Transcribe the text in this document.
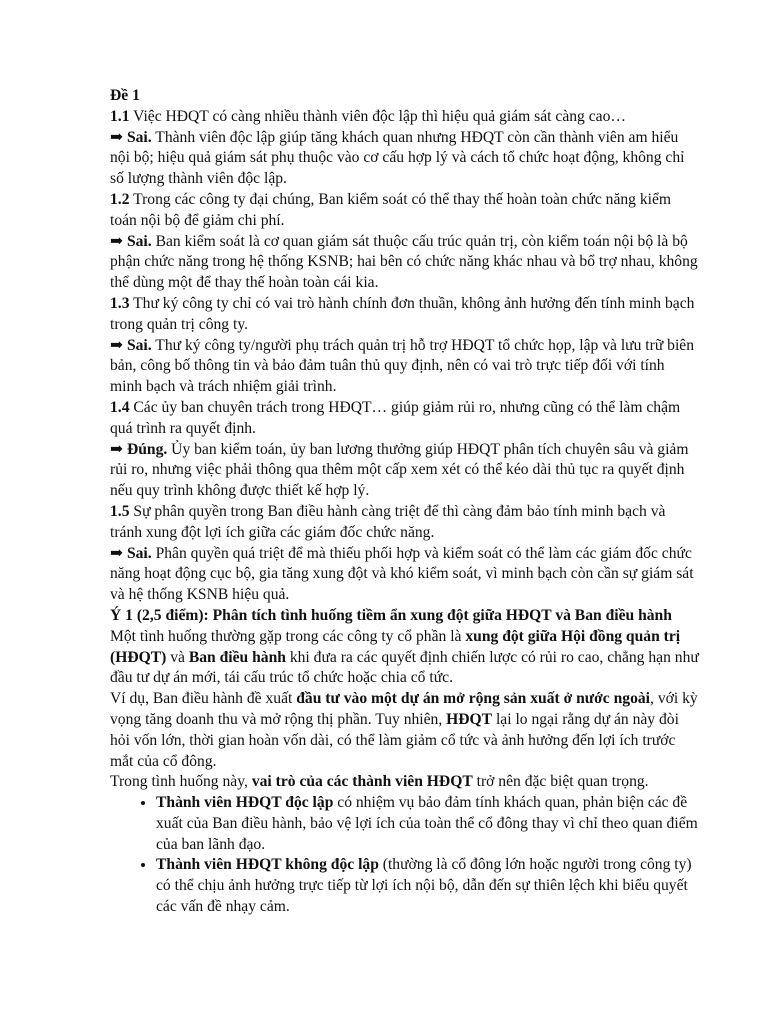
Đề 1

1.1 Việc HĐQT có càng nhiều thành viên độc lập thì hiệu quả giám sát càng cao…

➡ Sai. Thành viên độc lập giúp tăng khách quan nhưng HĐQT còn cần thành viên am hiểu nội bộ; hiệu quả giám sát phụ thuộc vào cơ cấu hợp lý và cách tổ chức hoạt động, không chỉ số lượng thành viên độc lập.

1.2 Trong các công ty đại chúng, Ban kiểm soát có thể thay thế hoàn toàn chức năng kiểm toán nội bộ để giảm chi phí.

➡ Sai. Ban kiểm soát là cơ quan giám sát thuộc cấu trúc quản trị, còn kiểm toán nội bộ là bộ phận chức năng trong hệ thống KSNB; hai bên có chức năng khác nhau và bổ trợ nhau, không thể dùng một để thay thế hoàn toàn cái kia.

1.3 Thư ký công ty chỉ có vai trò hành chính đơn thuần, không ảnh hưởng đến tính minh bạch trong quản trị công ty.

➡ Sai. Thư ký công ty/người phụ trách quản trị hỗ trợ HĐQT tổ chức họp, lập và lưu trữ biên bản, công bố thông tin và bảo đảm tuân thủ quy định, nên có vai trò trực tiếp đối với tính minh bạch và trách nhiệm giải trình.

1.4 Các ủy ban chuyên trách trong HĐQT… giúp giảm rủi ro, nhưng cũng có thể làm chậm quá trình ra quyết định.

➡ Đúng. Ủy ban kiểm toán, ủy ban lương thưởng giúp HĐQT phân tích chuyên sâu và giảm rủi ro, nhưng việc phải thông qua thêm một cấp xem xét có thể kéo dài thủ tục ra quyết định nếu quy trình không được thiết kế hợp lý.

1.5 Sự phân quyền trong Ban điều hành càng triệt để thì càng đảm bảo tính minh bạch và tránh xung đột lợi ích giữa các giám đốc chức năng.

➡ Sai. Phân quyền quá triệt để mà thiếu phối hợp và kiểm soát có thể làm các giám đốc chức năng hoạt động cục bộ, gia tăng xung đột và khó kiểm soát, vì minh bạch còn cần sự giám sát và hệ thống KSNB hiệu quả.

Ý 1 (2,5 điểm): Phân tích tình huống tiềm ẩn xung đột giữa HĐQT và Ban điều hành

Một tình huống thường gặp trong các công ty cổ phần là xung đột giữa Hội đồng quản trị (HĐQT) và Ban điều hành khi đưa ra các quyết định chiến lược có rủi ro cao, chẳng hạn như đầu tư dự án mới, tái cấu trúc tổ chức hoặc chia cổ tức.

Ví dụ, Ban điều hành đề xuất đầu tư vào một dự án mở rộng sản xuất ở nước ngoài, với kỳ vọng tăng doanh thu và mở rộng thị phần. Tuy nhiên, HĐQT lại lo ngại rằng dự án này đòi hỏi vốn lớn, thời gian hoàn vốn dài, có thể làm giảm cổ tức và ảnh hưởng đến lợi ích trước mắt của cổ đông.

Trong tình huống này, vai trò của các thành viên HĐQT trở nên đặc biệt quan trọng.

• Thành viên HĐQT độc lập có nhiệm vụ bảo đảm tính khách quan, phản biện các đề xuất của Ban điều hành, bảo vệ lợi ích của toàn thể cổ đông thay vì chỉ theo quan điểm của ban lãnh đạo.
• Thành viên HĐQT không độc lập (thường là cổ đông lớn hoặc người trong công ty) có thể chịu ảnh hưởng trực tiếp từ lợi ích nội bộ, dẫn đến sự thiên lệch khi biểu quyết các vấn đề nhạy cảm.
